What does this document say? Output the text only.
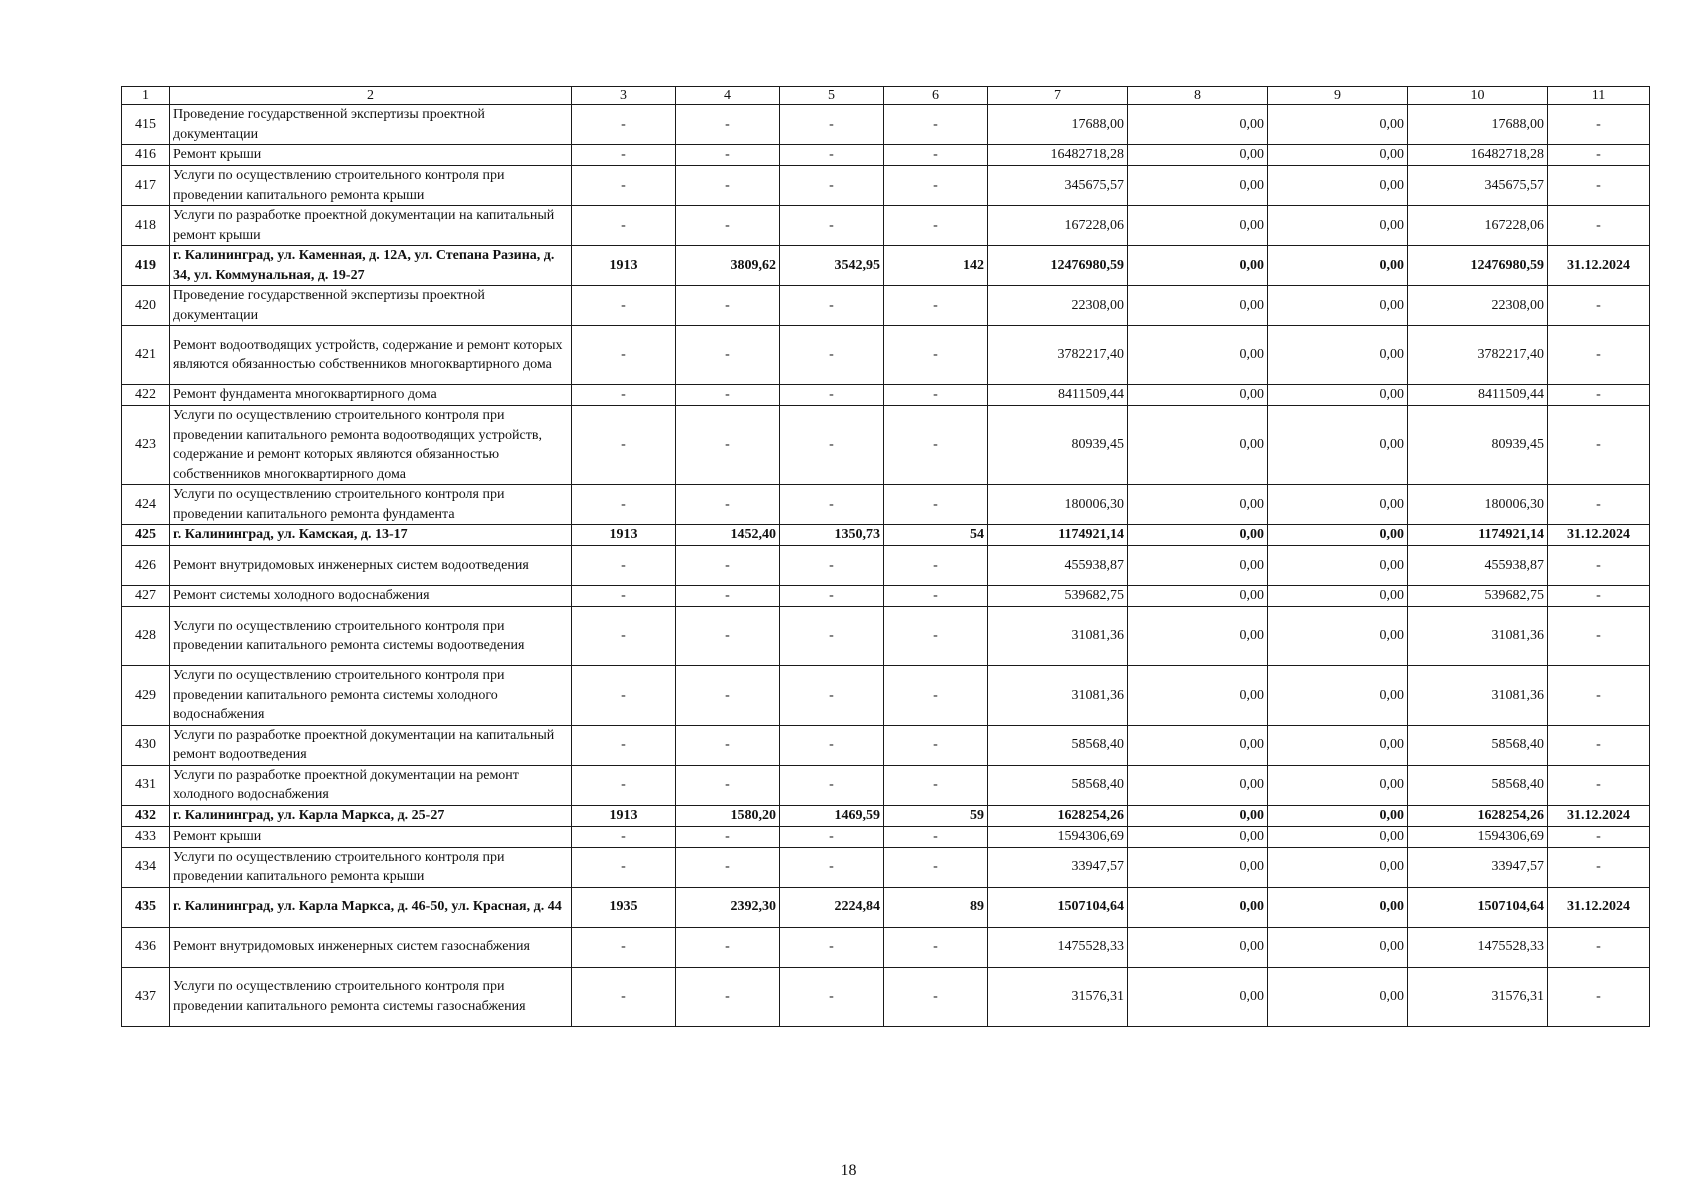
1	2	3	4	5	6	7	8	9	10	11
415	Проведение государственной экспертизы проектной документации	-	-	-	-	17688,00	0,00	0,00	17688,00	-
416	Ремонт крыши	-	-	-	-	16482718,28	0,00	0,00	16482718,28	-
417	Услуги по осуществлению строительного контроля при проведении капитального ремонта крыши	-	-	-	-	345675,57	0,00	0,00	345675,57	-
418	Услуги по разработке проектной документации на капитальный ремонт крыши	-	-	-	-	167228,06	0,00	0,00	167228,06	-
419	г. Калининград, ул. Каменная, д. 12А, ул. Степана Разина, д. 34, ул. Коммунальная, д. 19-27	1913	3809,62	3542,95	142	12476980,59	0,00	0,00	12476980,59	31.12.2024
420	Проведение государственной экспертизы проектной документации	-	-	-	-	22308,00	0,00	0,00	22308,00	-
421	Ремонт водоотводящих устройств, содержание и ремонт которых являются обязанностью собственников многоквартирного дома	-	-	-	-	3782217,40	0,00	0,00	3782217,40	-
422	Ремонт фундамента многоквартирного дома	-	-	-	-	8411509,44	0,00	0,00	8411509,44	-
423	Услуги по осуществлению строительного контроля при проведении капитального ремонта водоотводящих устройств, содержание и ремонт которых являются обязанностью собственников многоквартирного дома	-	-	-	-	80939,45	0,00	0,00	80939,45	-
424	Услуги по осуществлению строительного контроля при проведении капитального ремонта фундамента	-	-	-	-	180006,30	0,00	0,00	180006,30	-
425	г. Калининград, ул. Камская, д. 13-17	1913	1452,40	1350,73	54	1174921,14	0,00	0,00	1174921,14	31.12.2024
426	Ремонт внутридомовых инженерных систем водоотведения	-	-	-	-	455938,87	0,00	0,00	455938,87	-
427	Ремонт системы холодного водоснабжения	-	-	-	-	539682,75	0,00	0,00	539682,75	-
428	Услуги по осуществлению строительного контроля при проведении капитального ремонта системы водоотведения	-	-	-	-	31081,36	0,00	0,00	31081,36	-
429	Услуги по осуществлению строительного контроля при проведении капитального ремонта системы холодного водоснабжения	-	-	-	-	31081,36	0,00	0,00	31081,36	-
430	Услуги по разработке проектной документации на капитальный ремонт водоотведения	-	-	-	-	58568,40	0,00	0,00	58568,40	-
431	Услуги по разработке проектной документации на ремонт холодного водоснабжения	-	-	-	-	58568,40	0,00	0,00	58568,40	-
432	г. Калининград, ул. Карла Маркса, д. 25-27	1913	1580,20	1469,59	59	1628254,26	0,00	0,00	1628254,26	31.12.2024
433	Ремонт крыши	-	-	-	-	1594306,69	0,00	0,00	1594306,69	-
434	Услуги по осуществлению строительного контроля при проведении капитального ремонта крыши	-	-	-	-	33947,57	0,00	0,00	33947,57	-
435	г. Калининград, ул. Карла Маркса, д. 46-50, ул. Красная, д. 44	1935	2392,30	2224,84	89	1507104,64	0,00	0,00	1507104,64	31.12.2024
436	Ремонт внутридомовых инженерных систем газоснабжения	-	-	-	-	1475528,33	0,00	0,00	1475528,33	-
437	Услуги по осуществлению строительного контроля при проведении капитального ремонта системы газоснабжения	-	-	-	-	31576,31	0,00	0,00	31576,31	-
18
